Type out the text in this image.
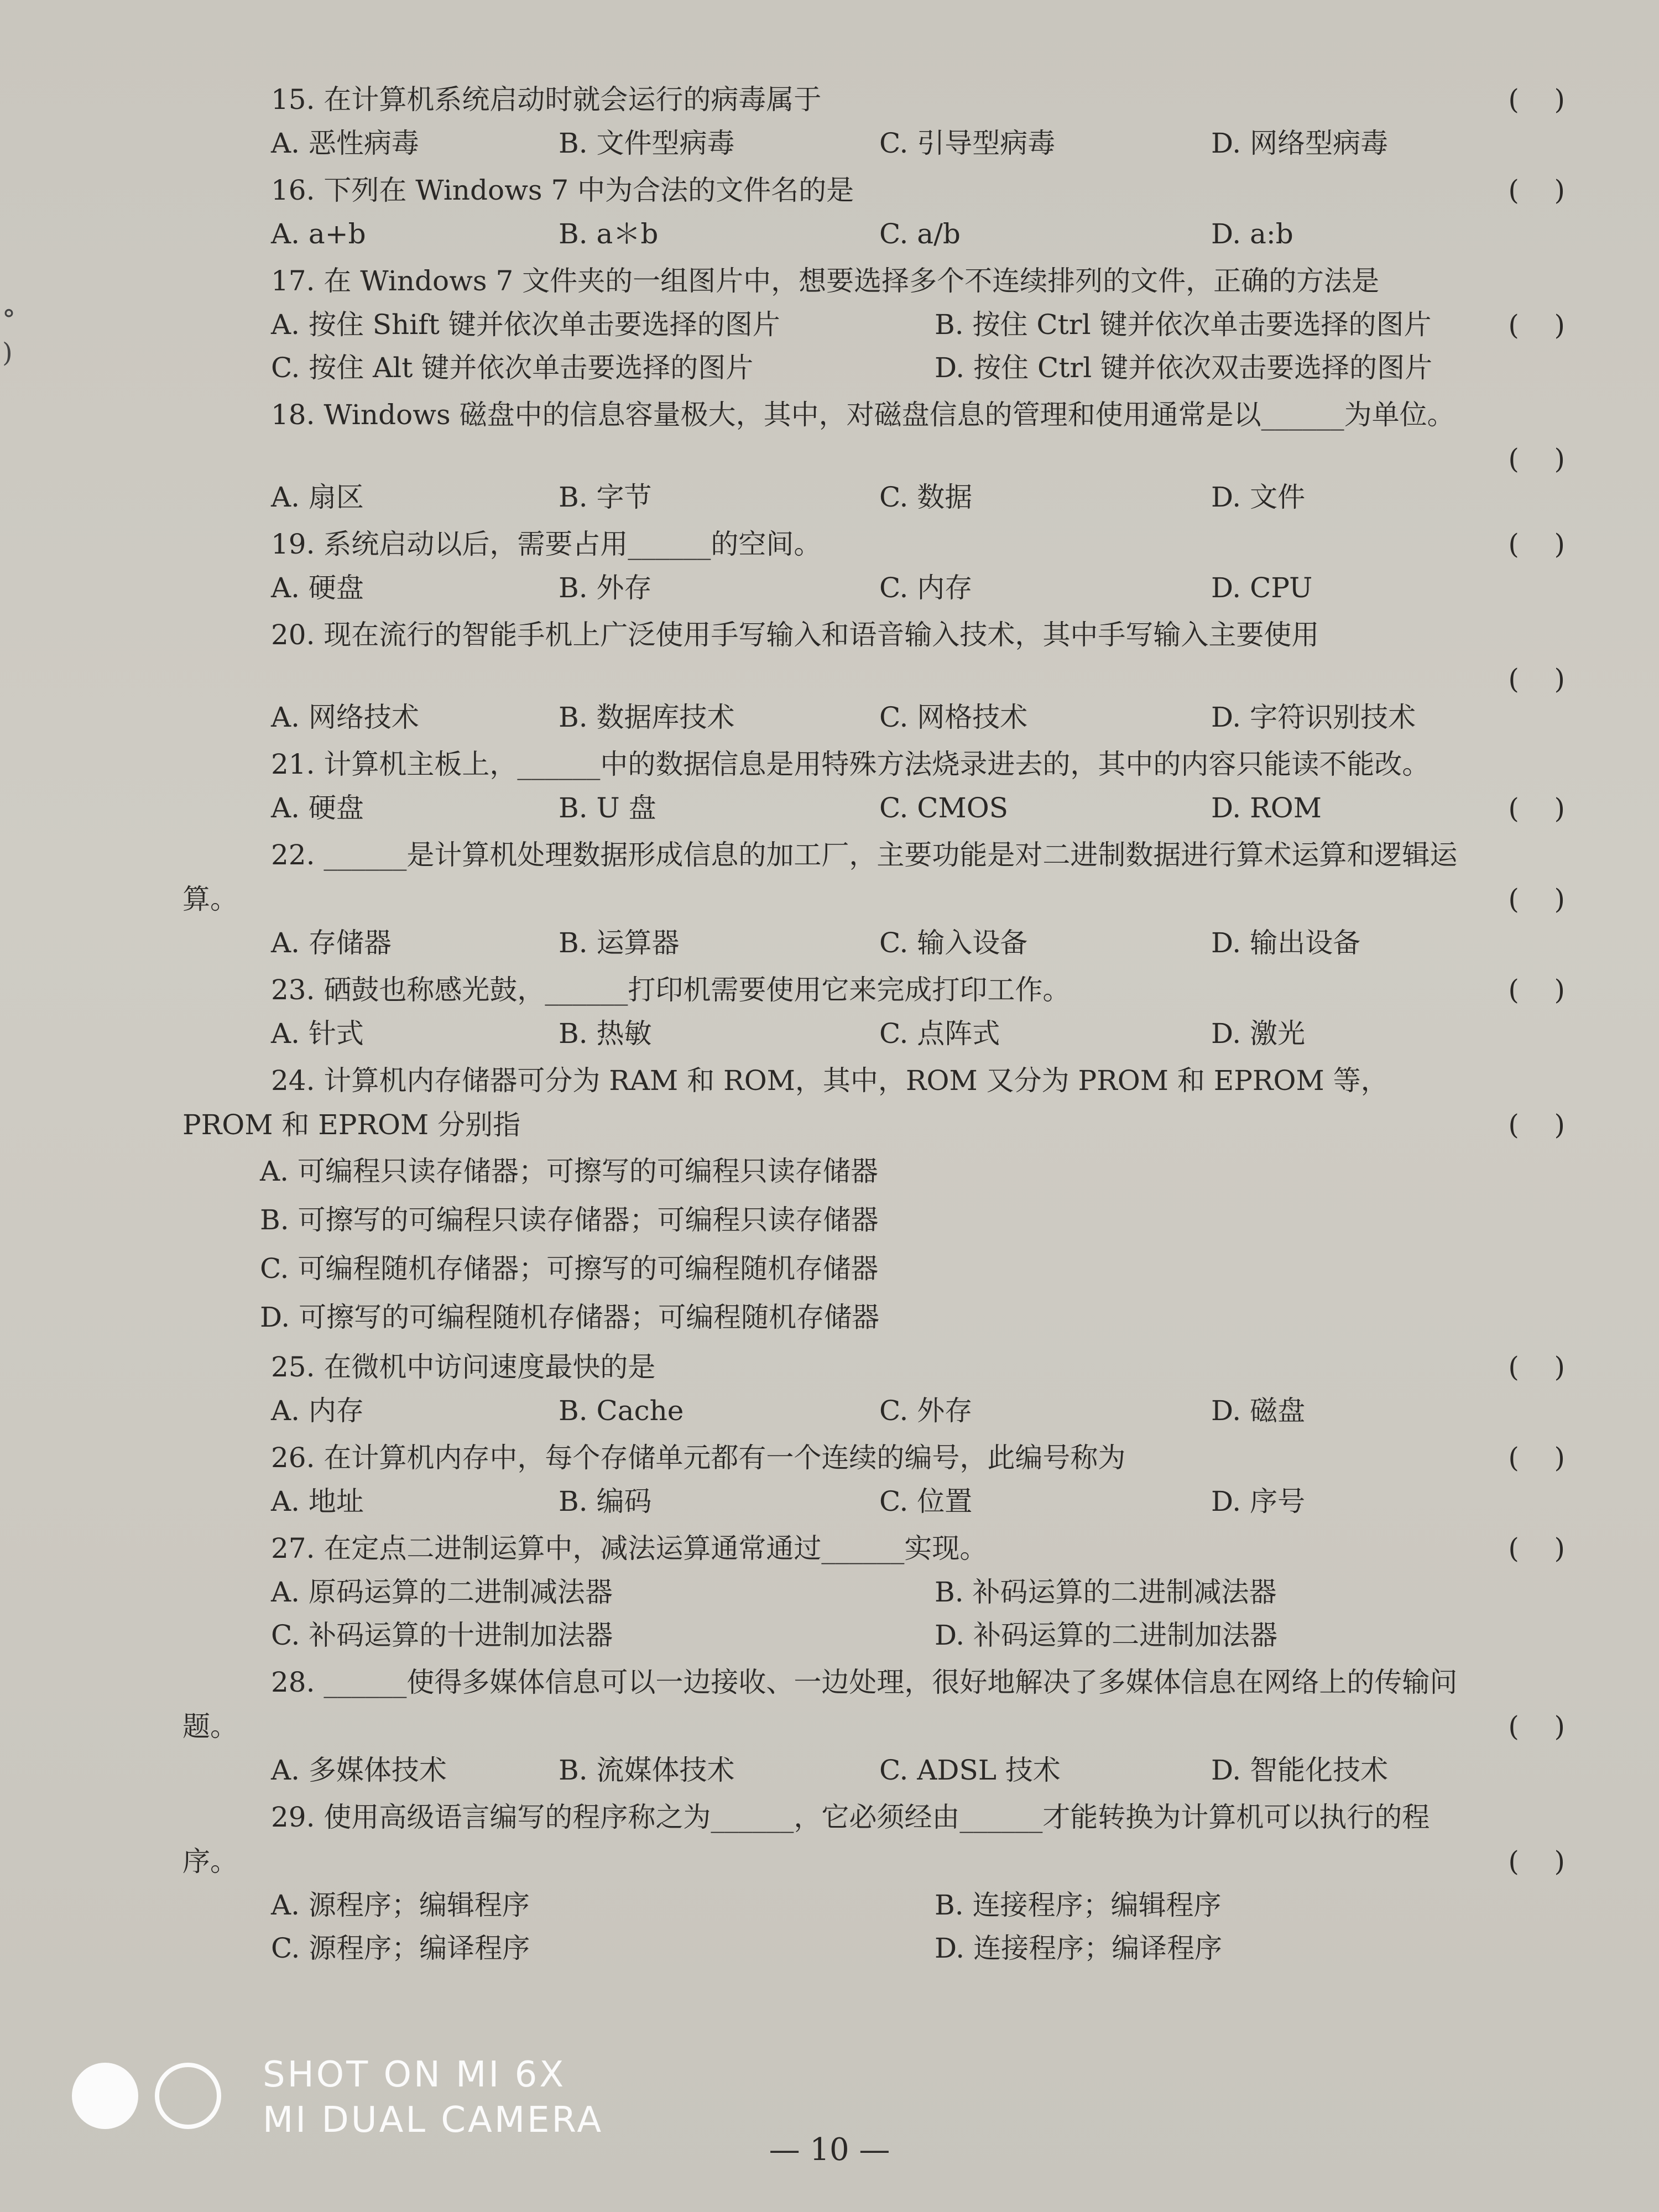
°
)
15. 在计算机系统启动时就会运行的病毒属于	(    )
A. 恶性病毒	B. 文件型病毒	C. 引导型病毒	D. 网络型病毒
16. 下列在 Windows 7 中为合法的文件名的是	(    )
A. a+b	B. a＊b	C. a/b	D. a:b
17. 在 Windows 7 文件夹的一组图片中，想要选择多个不连续排列的文件，正确的方法是
(    )
A. 按住 Shift 键并依次单击要选择的图片	B. 按住 Ctrl 键并依次单击要选择的图片
C. 按住 Alt 键并依次单击要选择的图片	D. 按住 Ctrl 键并依次双击要选择的图片
18. Windows 磁盘中的信息容量极大，其中，对磁盘信息的管理和使用通常是以______为单位。
(    )
A. 扇区	B. 字节	C. 数据	D. 文件
19. 系统启动以后，需要占用______的空间。	(    )
A. 硬盘	B. 外存	C. 内存	D. CPU
20. 现在流行的智能手机上广泛使用手写输入和语音输入技术，其中手写输入主要使用
(    )
A. 网络技术	B. 数据库技术	C. 网格技术	D. 字符识别技术
21. 计算机主板上，______中的数据信息是用特殊方法烧录进去的，其中的内容只能读不能改。
(    )
A. 硬盘	B. U 盘	C. CMOS	D. ROM
22. ______是计算机处理数据形成信息的加工厂，主要功能是对二进制数据进行算术运算和逻辑运算。	(    )
A. 存储器	B. 运算器	C. 输入设备	D. 输出设备
23. 硒鼓也称感光鼓，______打印机需要使用它来完成打印工作。	(    )
A. 针式	B. 热敏	C. 点阵式	D. 激光
24. 计算机内存储器可分为 RAM 和 ROM，其中，ROM 又分为 PROM 和 EPROM 等，PROM 和 EPROM 分别指	(    )
A. 可编程只读存储器；可擦写的可编程只读存储器
B. 可擦写的可编程只读存储器；可编程只读存储器
C. 可编程随机存储器；可擦写的可编程随机存储器
D. 可擦写的可编程随机存储器；可编程随机存储器
25. 在微机中访问速度最快的是	(    )
A. 内存	B. Cache	C. 外存	D. 磁盘
26. 在计算机内存中，每个存储单元都有一个连续的编号，此编号称为	(    )
A. 地址	B. 编码	C. 位置	D. 序号
27. 在定点二进制运算中，减法运算通常通过______实现。	(    )
A. 原码运算的二进制减法器	B. 补码运算的二进制减法器
C. 补码运算的十进制加法器	D. 补码运算的二进制加法器
28. ______使得多媒体信息可以一边接收、一边处理，很好地解决了多媒体信息在网络上的传输问题。	(    )
A. 多媒体技术	B. 流媒体技术	C. ADSL 技术	D. 智能化技术
29. 使用高级语言编写的程序称之为______，它必须经由______才能转换为计算机可以执行的程序。	(    )
A. 源程序；编辑程序	B. 连接程序；编辑程序
C. 源程序；编译程序	D. 连接程序；编译程序
— 10 —
SHOT ON MI 6X
MI DUAL CAMERA
